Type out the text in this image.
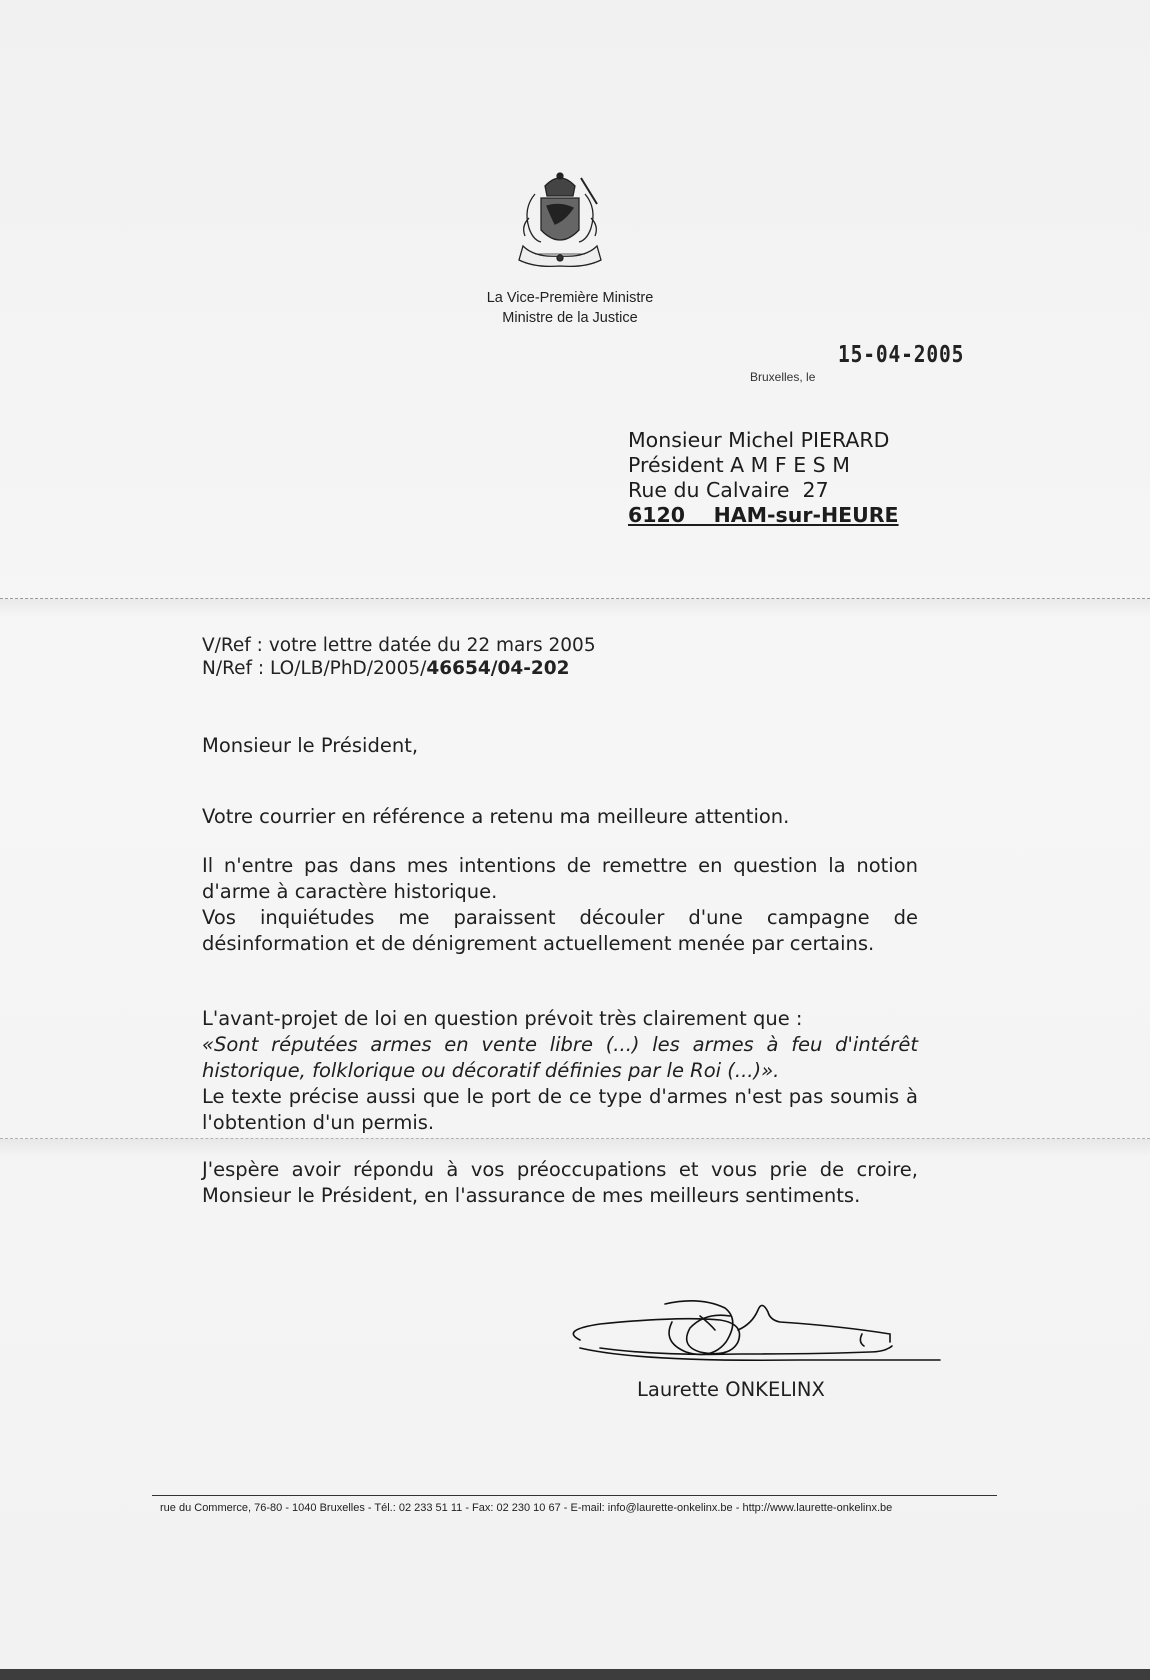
La Vice-Première Ministre
Ministre de la Justice
15-04-2005
Bruxelles, le
Monsieur Michel PIERARD
Président A M F E S M
Rue du Calvaire  27
6120    HAM-sur-HEURE
V/Ref : votre lettre datée du 22 mars 2005
N/Ref : LO/LB/PhD/2005/46654/04-202
Monsieur le Président,
Votre courrier en référence a retenu ma meilleure attention.
Il n'entre pas dans mes intentions de remettre en question la notion d'arme à caractère historique.
Vos inquiétudes me paraissent découler d'une campagne de désinformation et de dénigrement actuellement menée par certains.
L'avant-projet de loi en question prévoit très clairement que :
«Sont réputées armes en vente libre (...) les armes à feu d'intérêt historique, folklorique ou décoratif définies par le Roi (...)».
Le texte précise aussi que le port de ce type d'armes n'est pas soumis à l'obtention d'un permis.
J'espère avoir répondu à vos préoccupations et vous prie de croire, Monsieur le Président, en l'assurance de mes meilleurs sentiments.
Laurette ONKELINX
rue du Commerce, 76-80 - 1040 Bruxelles - Tél.: 02 233 51 11 - Fax: 02 230 10 67 - E-mail: info@laurette-onkelinx.be - http://www.laurette-onkelinx.be
